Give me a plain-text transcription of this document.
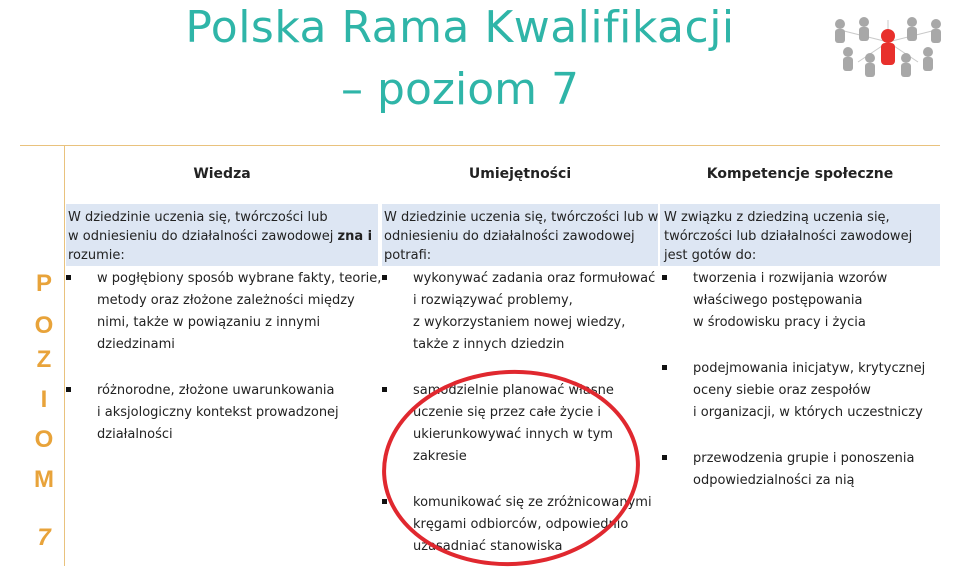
Polska Rama Kwalifikacji
– poziom 7
P
O
Z
I
O
M
7
Wiedza	Umiejętności	Kompetencje społeczne
W dziedzinie uczenia się, twórczości lub
w odniesieniu do działalności zawodowej zna i
rozumie:
W dziedzinie uczenia się, twórczości lub w
odniesieniu do działalności zawodowej
potrafi:
W związku z dziedziną uczenia się,
twórczości lub działalności zawodowej
jest gotów do:
w pogłębiony sposób wybrane fakty, teorie,
metody oraz złożone zależności między
nimi, także w powiązaniu z innymi
dziedzinami
różnorodne, złożone uwarunkowania
i aksjologiczny kontekst prowadzonej
działalności
wykonywać zadania oraz formułować
i rozwiązywać problemy,
z wykorzystaniem nowej wiedzy,
także z innych dziedzin
samodzielnie planować własne
uczenie się przez całe życie i
ukierunkowywać innych w tym
zakresie
komunikować się ze zróżnicowanymi
kręgami odbiorców, odpowiednio
uzasadniać stanowiska
tworzenia i rozwijania wzorów
właściwego postępowania
w środowisku pracy i życia
podejmowania inicjatyw, krytycznej
oceny siebie oraz zespołów
i organizacji, w których uczestniczy
przewodzenia grupie i ponoszenia
odpowiedzialności za nią
